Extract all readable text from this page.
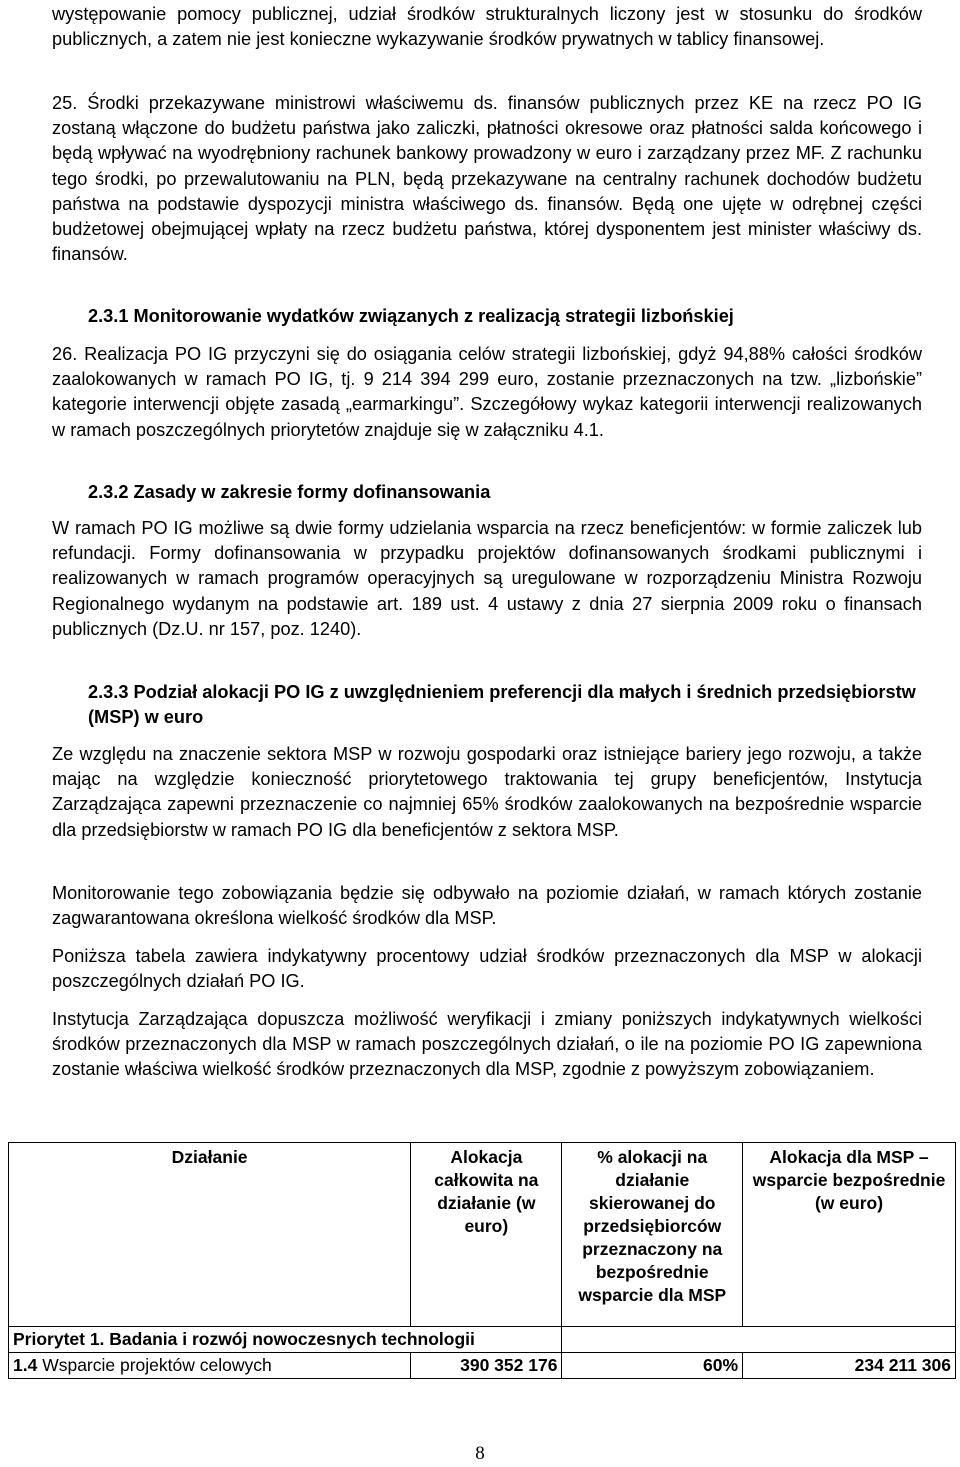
występowanie pomocy publicznej, udział środków strukturalnych liczony jest w stosunku do środków publicznych, a zatem nie jest konieczne wykazywanie środków prywatnych w tablicy finansowej.

25. Środki przekazywane ministrowi właściwemu ds. finansów publicznych przez KE na rzecz PO IG zostaną włączone do budżetu państwa jako zaliczki, płatności okresowe oraz płatności salda końcowego i będą wpływać na wyodrębniony rachunek bankowy prowadzony w euro i zarządzany przez MF. Z rachunku tego środki, po przewalutowaniu na PLN, będą przekazywane na centralny rachunek dochodów budżetu państwa na podstawie dyspozycji ministra właściwego ds. finansów. Będą one ujęte w odrębnej części budżetowej obejmującej wpłaty na rzecz budżetu państwa, której dysponentem jest minister właściwy ds. finansów.

2.3.1 Monitorowanie wydatków związanych z realizacją strategii lizbońskiej

26. Realizacja PO IG przyczyni się do osiągania celów strategii lizbońskiej, gdyż 94,88% całości środków zaalokowanych w ramach PO IG, tj. 9 214 394 299 euro, zostanie przeznaczonych na tzw. „lizbońskie” kategorie interwencji objęte zasadą „earmarkingu”. Szczegółowy wykaz kategorii interwencji realizowanych w ramach poszczególnych priorytetów znajduje się w załączniku 4.1.

2.3.2 Zasady w zakresie formy dofinansowania

W ramach PO IG możliwe są dwie formy udzielania wsparcia na rzecz beneficjentów: w formie zaliczek lub refundacji. Formy dofinansowania w przypadku projektów dofinansowanych środkami publicznymi i realizowanych w ramach programów operacyjnych są uregulowane w rozporządzeniu Ministra Rozwoju Regionalnego wydanym na podstawie art. 189 ust. 4 ustawy z dnia 27 sierpnia 2009 roku o finansach publicznych (Dz.U. nr 157, poz. 1240).

2.3.3 Podział alokacji PO IG z uwzględnieniem preferencji dla małych i średnich przedsiębiorstw (MSP) w euro

Ze względu na znaczenie sektora MSP w rozwoju gospodarki oraz istniejące bariery jego rozwoju, a także mając na względzie konieczność priorytetowego traktowania tej grupy beneficjentów, Instytucja Zarządzająca zapewni przeznaczenie co najmniej 65% środków zaalokowanych na bezpośrednie wsparcie dla przedsiębiorstw w ramach PO IG dla beneficjentów z sektora MSP.

Monitorowanie tego zobowiązania będzie się odbywało na poziomie działań, w ramach których zostanie zagwarantowana określona wielkość środków dla MSP.

Poniższa tabela zawiera indykatywny procentowy udział środków przeznaczonych dla MSP w alokacji poszczególnych działań PO IG.

Instytucja Zarządzająca dopuszcza możliwość weryfikacji i zmiany poniższych indykatywnych wielkości środków przeznaczonych dla MSP w ramach poszczególnych działań, o ile na poziomie PO IG zapewniona zostanie właściwa wielkość środków przeznaczonych dla MSP, zgodnie z powyższym zobowiązaniem.

Działanie	Alokacja całkowita na działanie (w euro)	% alokacji na działanie skierowanej do przedsiębiorców przeznaczony na bezpośrednie wsparcie dla MSP	Alokacja dla MSP – wsparcie bezpośrednie (w euro)
Priorytet 1. Badania i rozwój nowoczesnych technologii			
1.4 Wsparcie projektów celowych	390 352 176	60%	234 211 306
8
